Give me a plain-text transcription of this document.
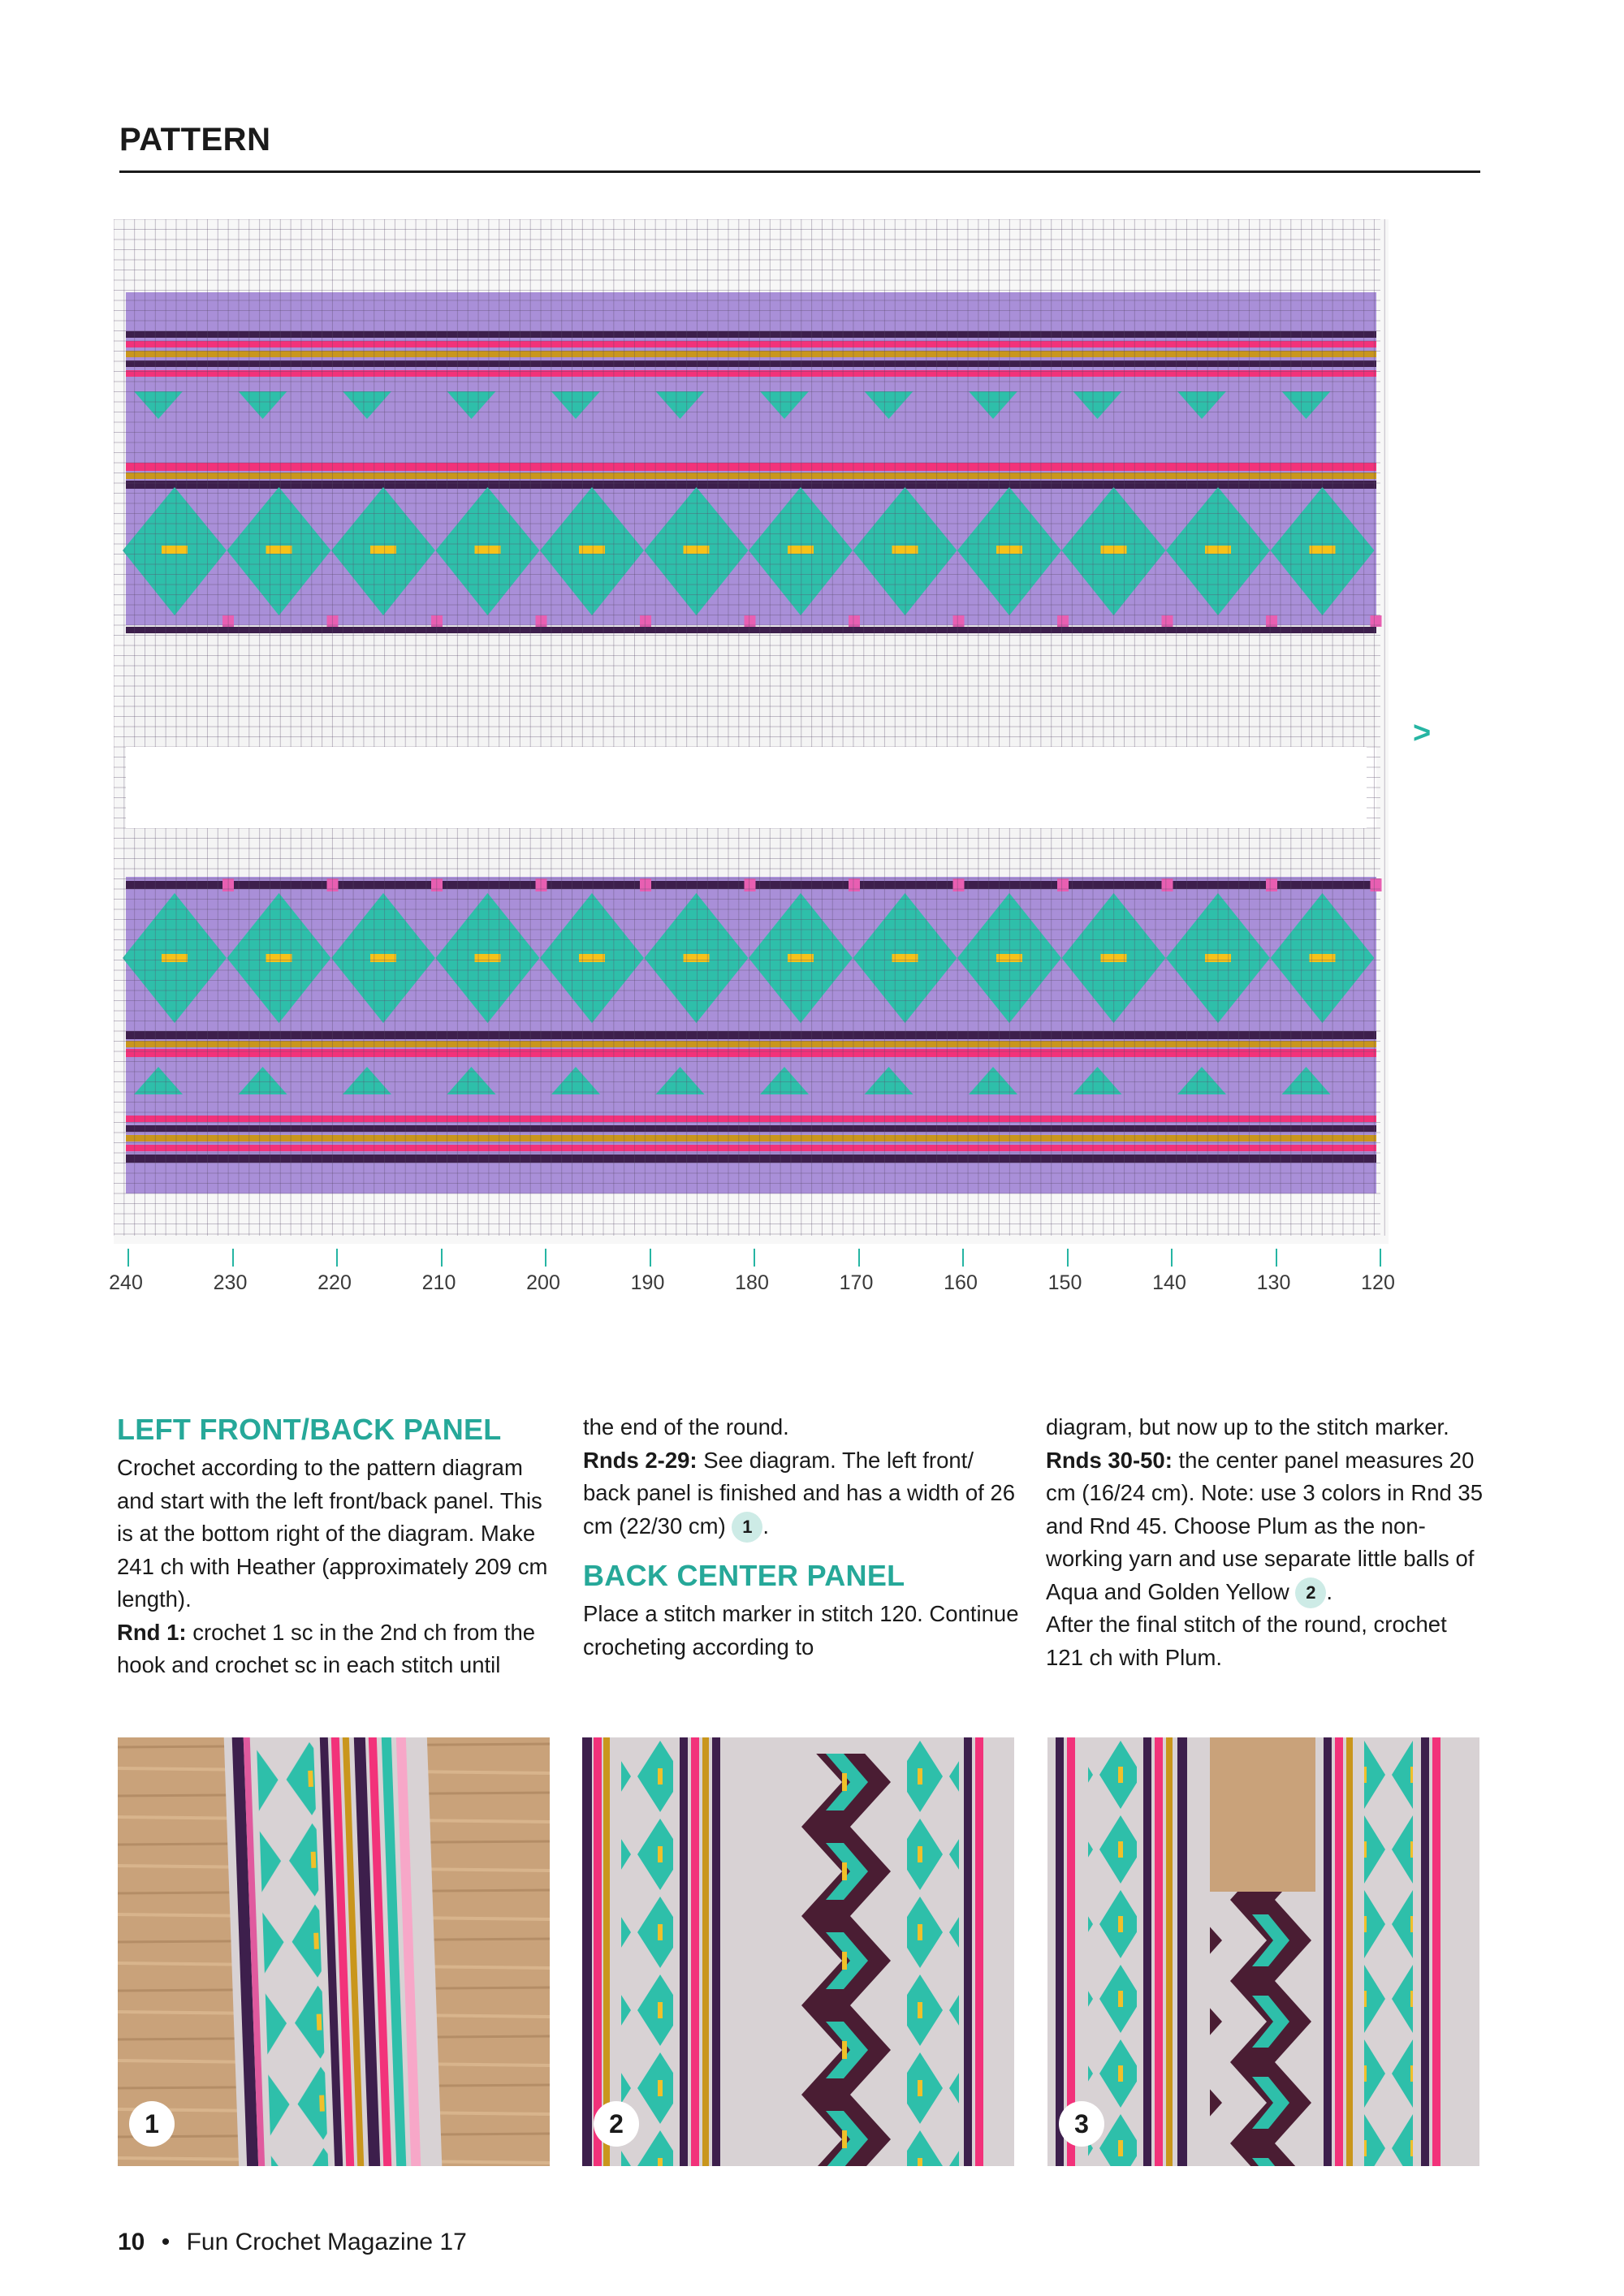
PATTERN
>
240	230	220	210	200	190	180	170	160	150	140	130	120
LEFT FRONT/BACK PANEL

Crochet according to the pattern diagram and start with the left front/back panel. This is at the bottom right of the diagram. Make 241 ch with Heather (approximately 209 cm length).

Rnd 1: crochet 1 sc in the 2nd ch from the hook and crochet sc in each stitch until

the end of the round.

Rnds 2-29: See diagram. The left front/ back panel is finished and has a width of 26 cm (22/30 cm) 1 .

BACK CENTER PANEL

Place a stitch marker in stitch 120. Continue crocheting according to

diagram, but now up to the stitch marker.

Rnds 30-50: the center panel measures 20 cm (16/24 cm). Note: use 3 colors in Rnd 35 and Rnd 45. Choose Plum as the non-working yarn and use separate little balls of Aqua and Golden Yellow 2 .

After the final stitch of the round, crochet 121 ch with Plum.

1	2	3
10 • Fun Crochet Magazine 17
